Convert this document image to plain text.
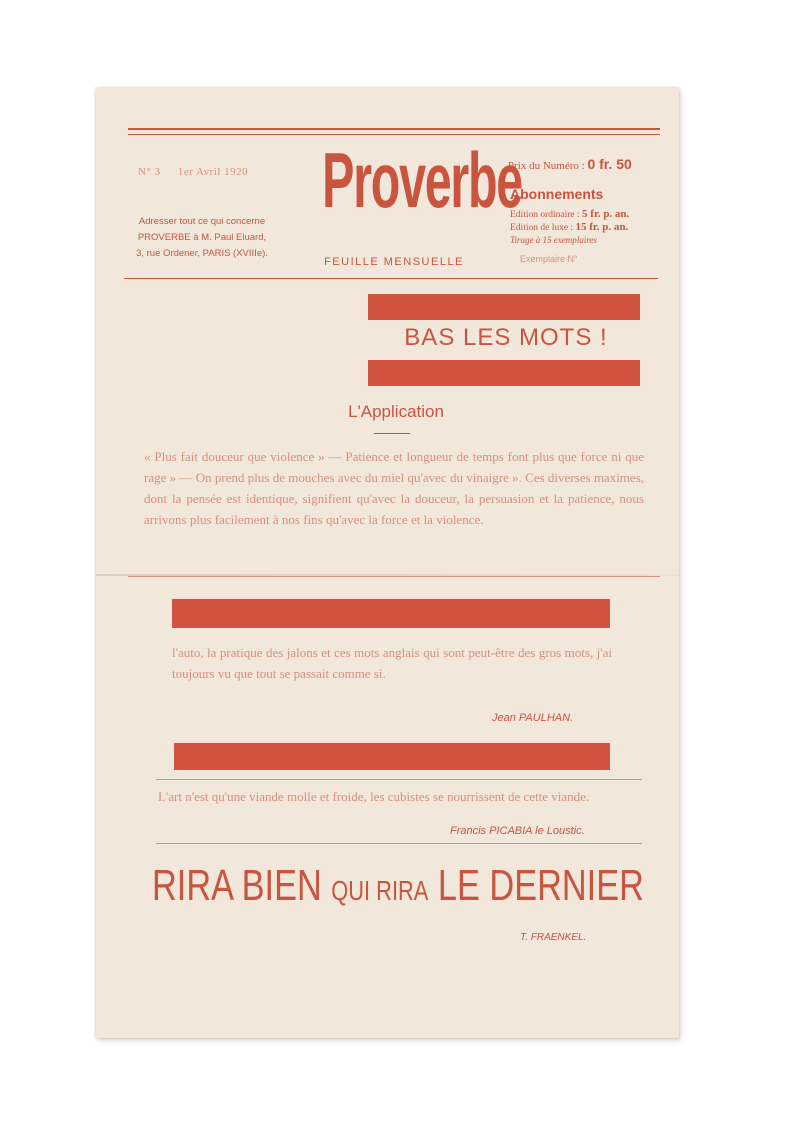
N° 3 1er Avril 1920
Adresser tout ce qui concerne
PROVERBE à M. Paul Eluard,
3, rue Ordener, PARIS (XVIIIe).
Proverbe
FEUILLE MENSUELLE
Prix du Numéro : 0 fr. 50
Abonnements
Edition ordinaire : 5 fr. p. an.
Edition de luxe : 15 fr. p. an.
Tirage à 15 exemplaires
Exemplaire N°
BAS LES MOTS !
L'Application
« Plus fait douceur que violence » — Patience et longueur de temps font plus que force ni que rage » — On prend plus de mouches avec du miel qu'avec du vinaigre ». Ces diverses maximes, dont la pensée est identique, signifient qu'avec la douceur, la persuasion et la patience, nous arrivons plus facilement à nos fins qu'avec la force et la violence.
l'auto, la pratique des jalons et ces mots anglais qui sont peut-être des gros mots, j'ai toujours vu que tout se passait comme si.
Jean PAULHAN.
L'art n'est qu'une viande molle et froide, les cubistes se nourrissent de cette viande.
Francis PICABIA le Loustic.
RIRA BIEN QUI RIRA LE DERNIER
T. FRAENKEL.
